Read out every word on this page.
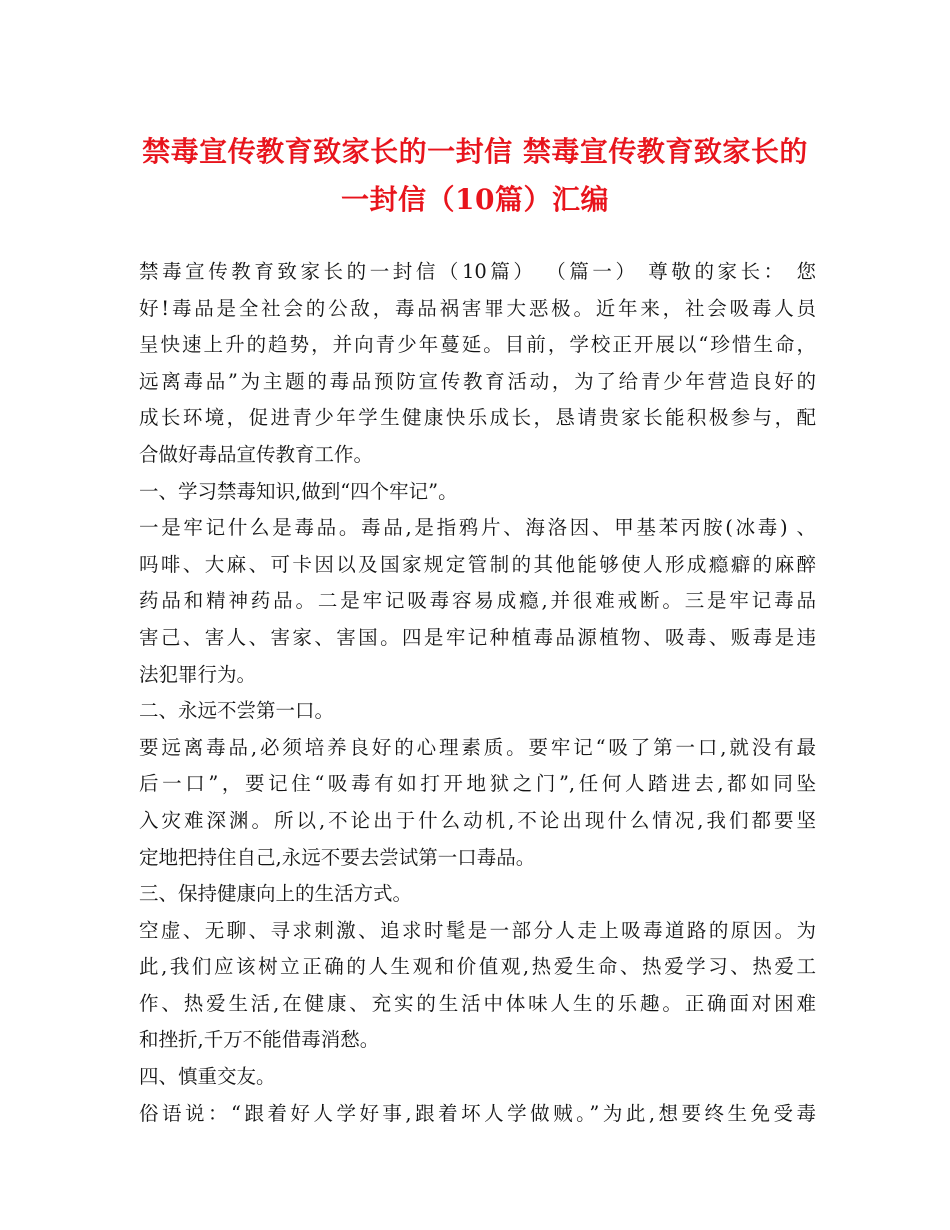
禁毒宣传教育致家长的一封信 禁毒宣传教育致家长的
一封信（10篇）汇编
禁毒宣传教育致家长的一封信（10篇） （篇一） 尊敬的家长： 您
好!毒品是全社会的公敌，毒品祸害罪大恶极。近年来，社会吸毒人员
呈快速上升的趋势，并向青少年蔓延。目前，学校正开展以“珍惜生命，
远离毒品”为主题的毒品预防宣传教育活动，为了给青少年营造良好的
成长环境，促进青少年学生健康快乐成长，恳请贵家长能积极参与，配
合做好毒品宣传教育工作。
一、学习禁毒知识,做到“四个牢记”。
一是牢记什么是毒品。毒品,是指鸦片、海洛因、甲基苯丙胺(冰毒) 、
吗啡、大麻、可卡因以及国家规定管制的其他能够使人形成瘾癖的麻醉
药品和精神药品。二是牢记吸毒容易成瘾,并很难戒断。三是牢记毒品
害己、害人、害家、害国。四是牢记种植毒品源植物、吸毒、贩毒是违
法犯罪行为。
二、永远不尝第一口。
要远离毒品,必须培养良好的心理素质。要牢记“吸了第一口,就没有最
后一口”，要记住“吸毒有如打开地狱之门”,任何人踏进去,都如同坠
入灾难深渊。所以,不论出于什么动机,不论出现什么情况,我们都要坚
定地把持住自己,永远不要去尝试第一口毒品。
三、保持健康向上的生活方式。
空虚、无聊、寻求刺激、追求时髦是一部分人走上吸毒道路的原因。为
此,我们应该树立正确的人生观和价值观,热爱生命、热爱学习、热爱工
作、热爱生活,在健康、充实的生活中体味人生的乐趣。正确面对困难
和挫折,千万不能借毒消愁。
四、慎重交友。
俗语说：“跟着好人学好事,跟着坏人学做贼。”为此,想要终生免受毒
